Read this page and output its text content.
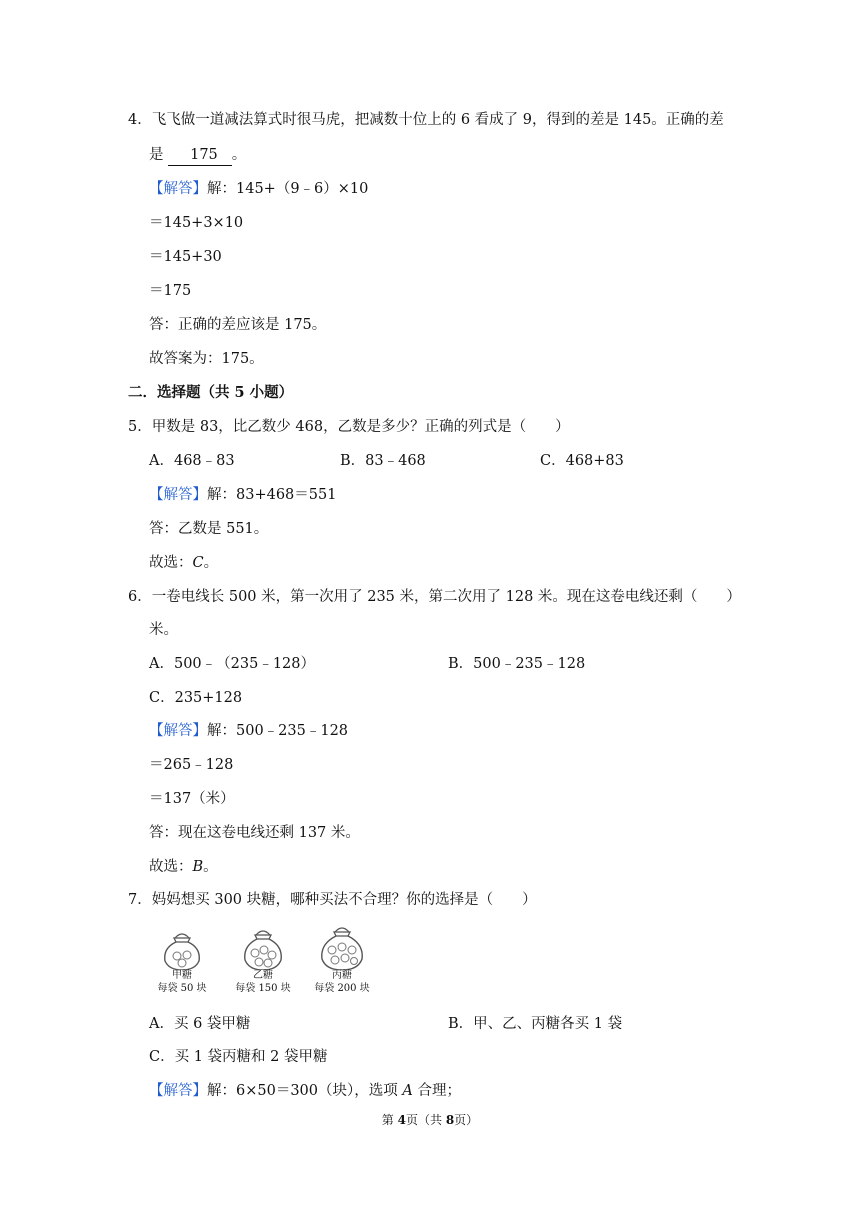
4．飞飞做一道减法算式时很马虎，把减数十位上的 6 看成了 9，得到的差是 145。正确的差
是 175 。
【解答】解：145+（9﹣6）×10
＝145+3×10
＝145+30
＝175
答：正确的差应该是 175。
故答案为：175。
二．选择题（共 5 小题）
5．甲数是 83，比乙数少 468，乙数是多少？正确的列式是（　　）
A．468﹣83	B．83﹣468	C．468+83
【解答】解：83+468＝551
答：乙数是 551。
故选：C。
6．一卷电线长 500 米，第一次用了 235 米，第二次用了 128 米。现在这卷电线还剩（　　）
米。
A．500﹣（235﹣128）	B．500﹣235﹣128
C．235+128
【解答】解：500﹣235﹣128
＝265﹣128
＝137（米）
答：现在这卷电线还剩 137 米。
故选：B。
7．妈妈想买 300 块糖，哪种买法不合理？你的选择是（　　）
甲糖
每袋 50 块
乙糖
每袋 150 块
丙糖
每袋 200 块
A．买 6 袋甲糖	B．甲、乙、丙糖各买 1 袋
C．买 1 袋丙糖和 2 袋甲糖
【解答】解：6×50＝300（块），选项 A 合理；
第 4页（共 8页）
